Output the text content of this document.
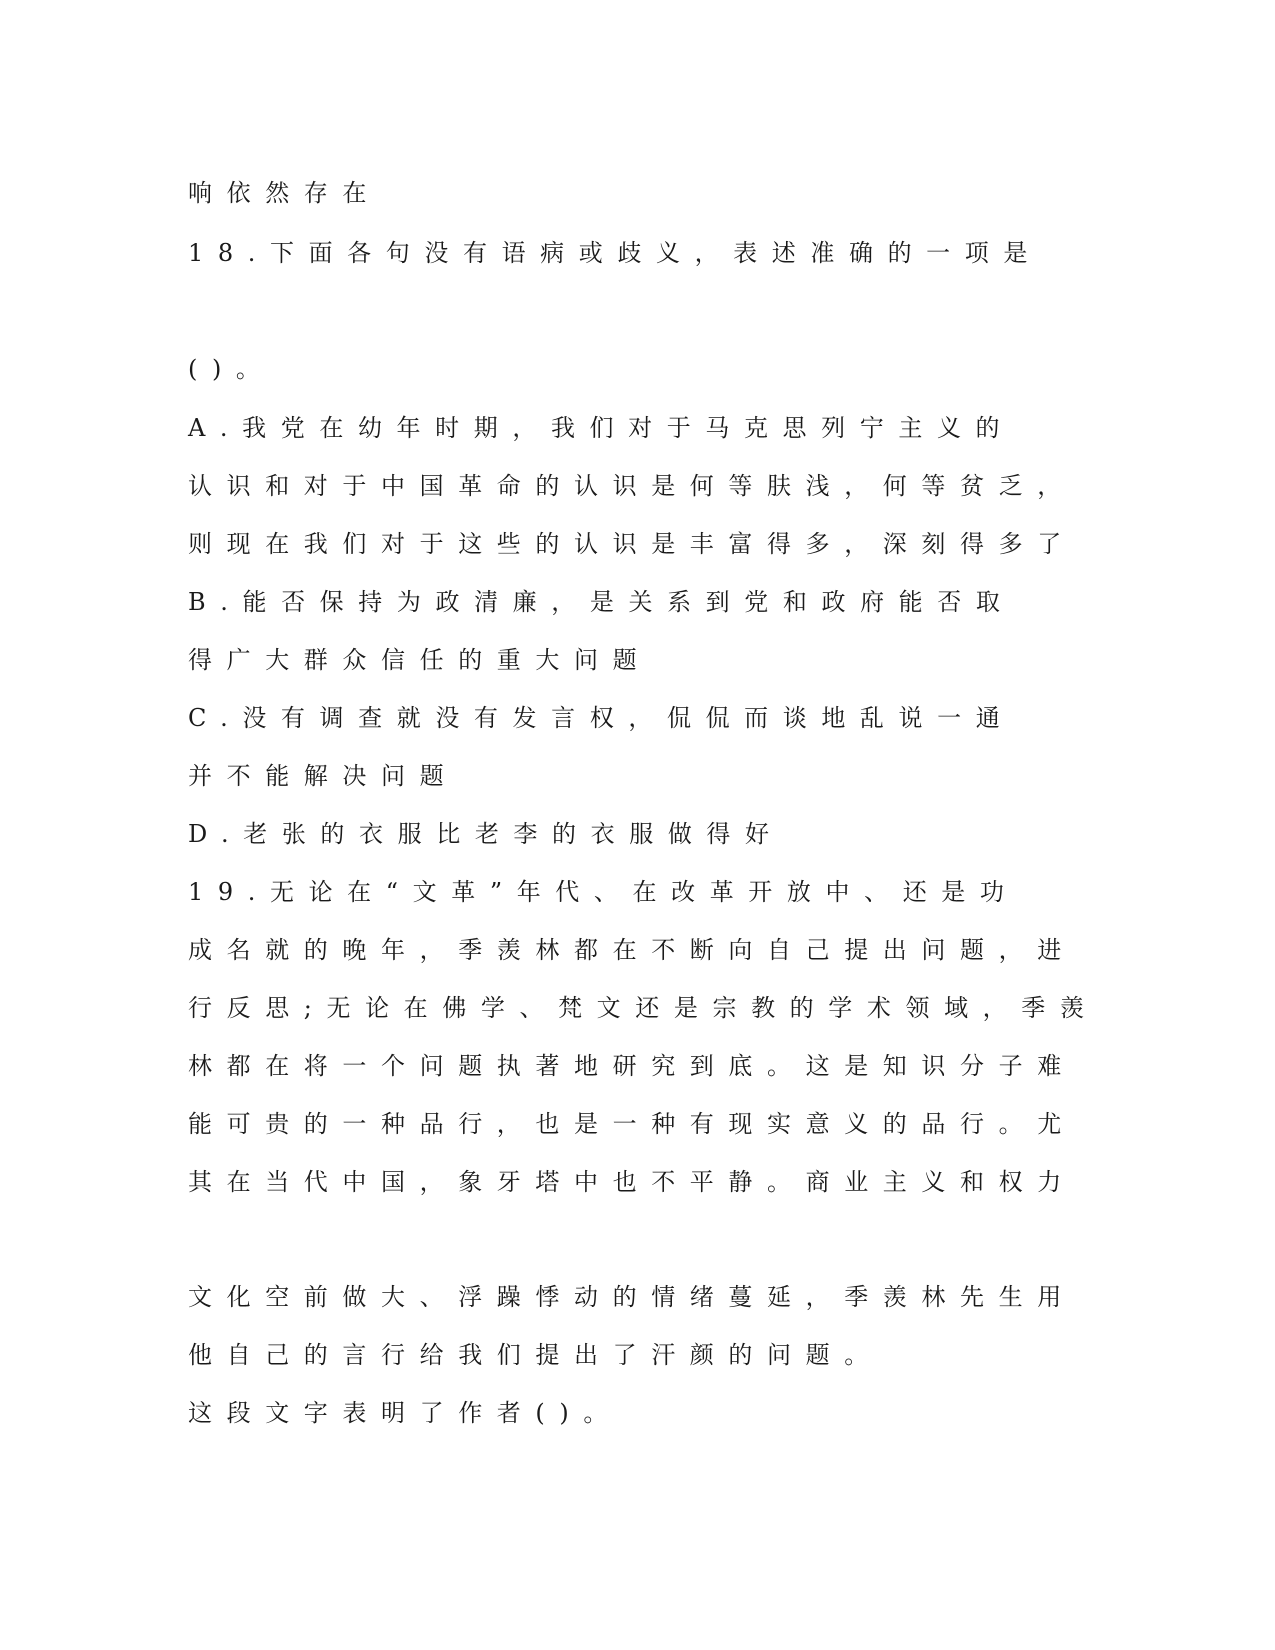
响依然存在

18.下面各句没有语病或歧义，表述准确的一项是

()。

A.我党在幼年时期，我们对于马克思列宁主义的

认识和对于中国革命的认识是何等肤浅，何等贫乏，

则现在我们对于这些的认识是丰富得多，深刻得多了

B.能否保持为政清廉，是关系到党和政府能否取

得广大群众信任的重大问题

C.没有调查就没有发言权，侃侃而谈地乱说一通

并不能解决问题

D.老张的衣服比老李的衣服做得好

19.无论在“文革”年代、在改革开放中、还是功

成名就的晚年，季羡林都在不断向自己提出问题，进

行反思;无论在佛学、梵文还是宗教的学术领域，季羡

林都在将一个问题执著地研究到底。这是知识分子难

能可贵的一种品行，也是一种有现实意义的品行。尤

其在当代中国，象牙塔中也不平静。商业主义和权力

文化空前做大、浮躁悸动的情绪蔓延，季羡林先生用

他自己的言行给我们提出了汗颜的问题。

这段文字表明了作者()。
